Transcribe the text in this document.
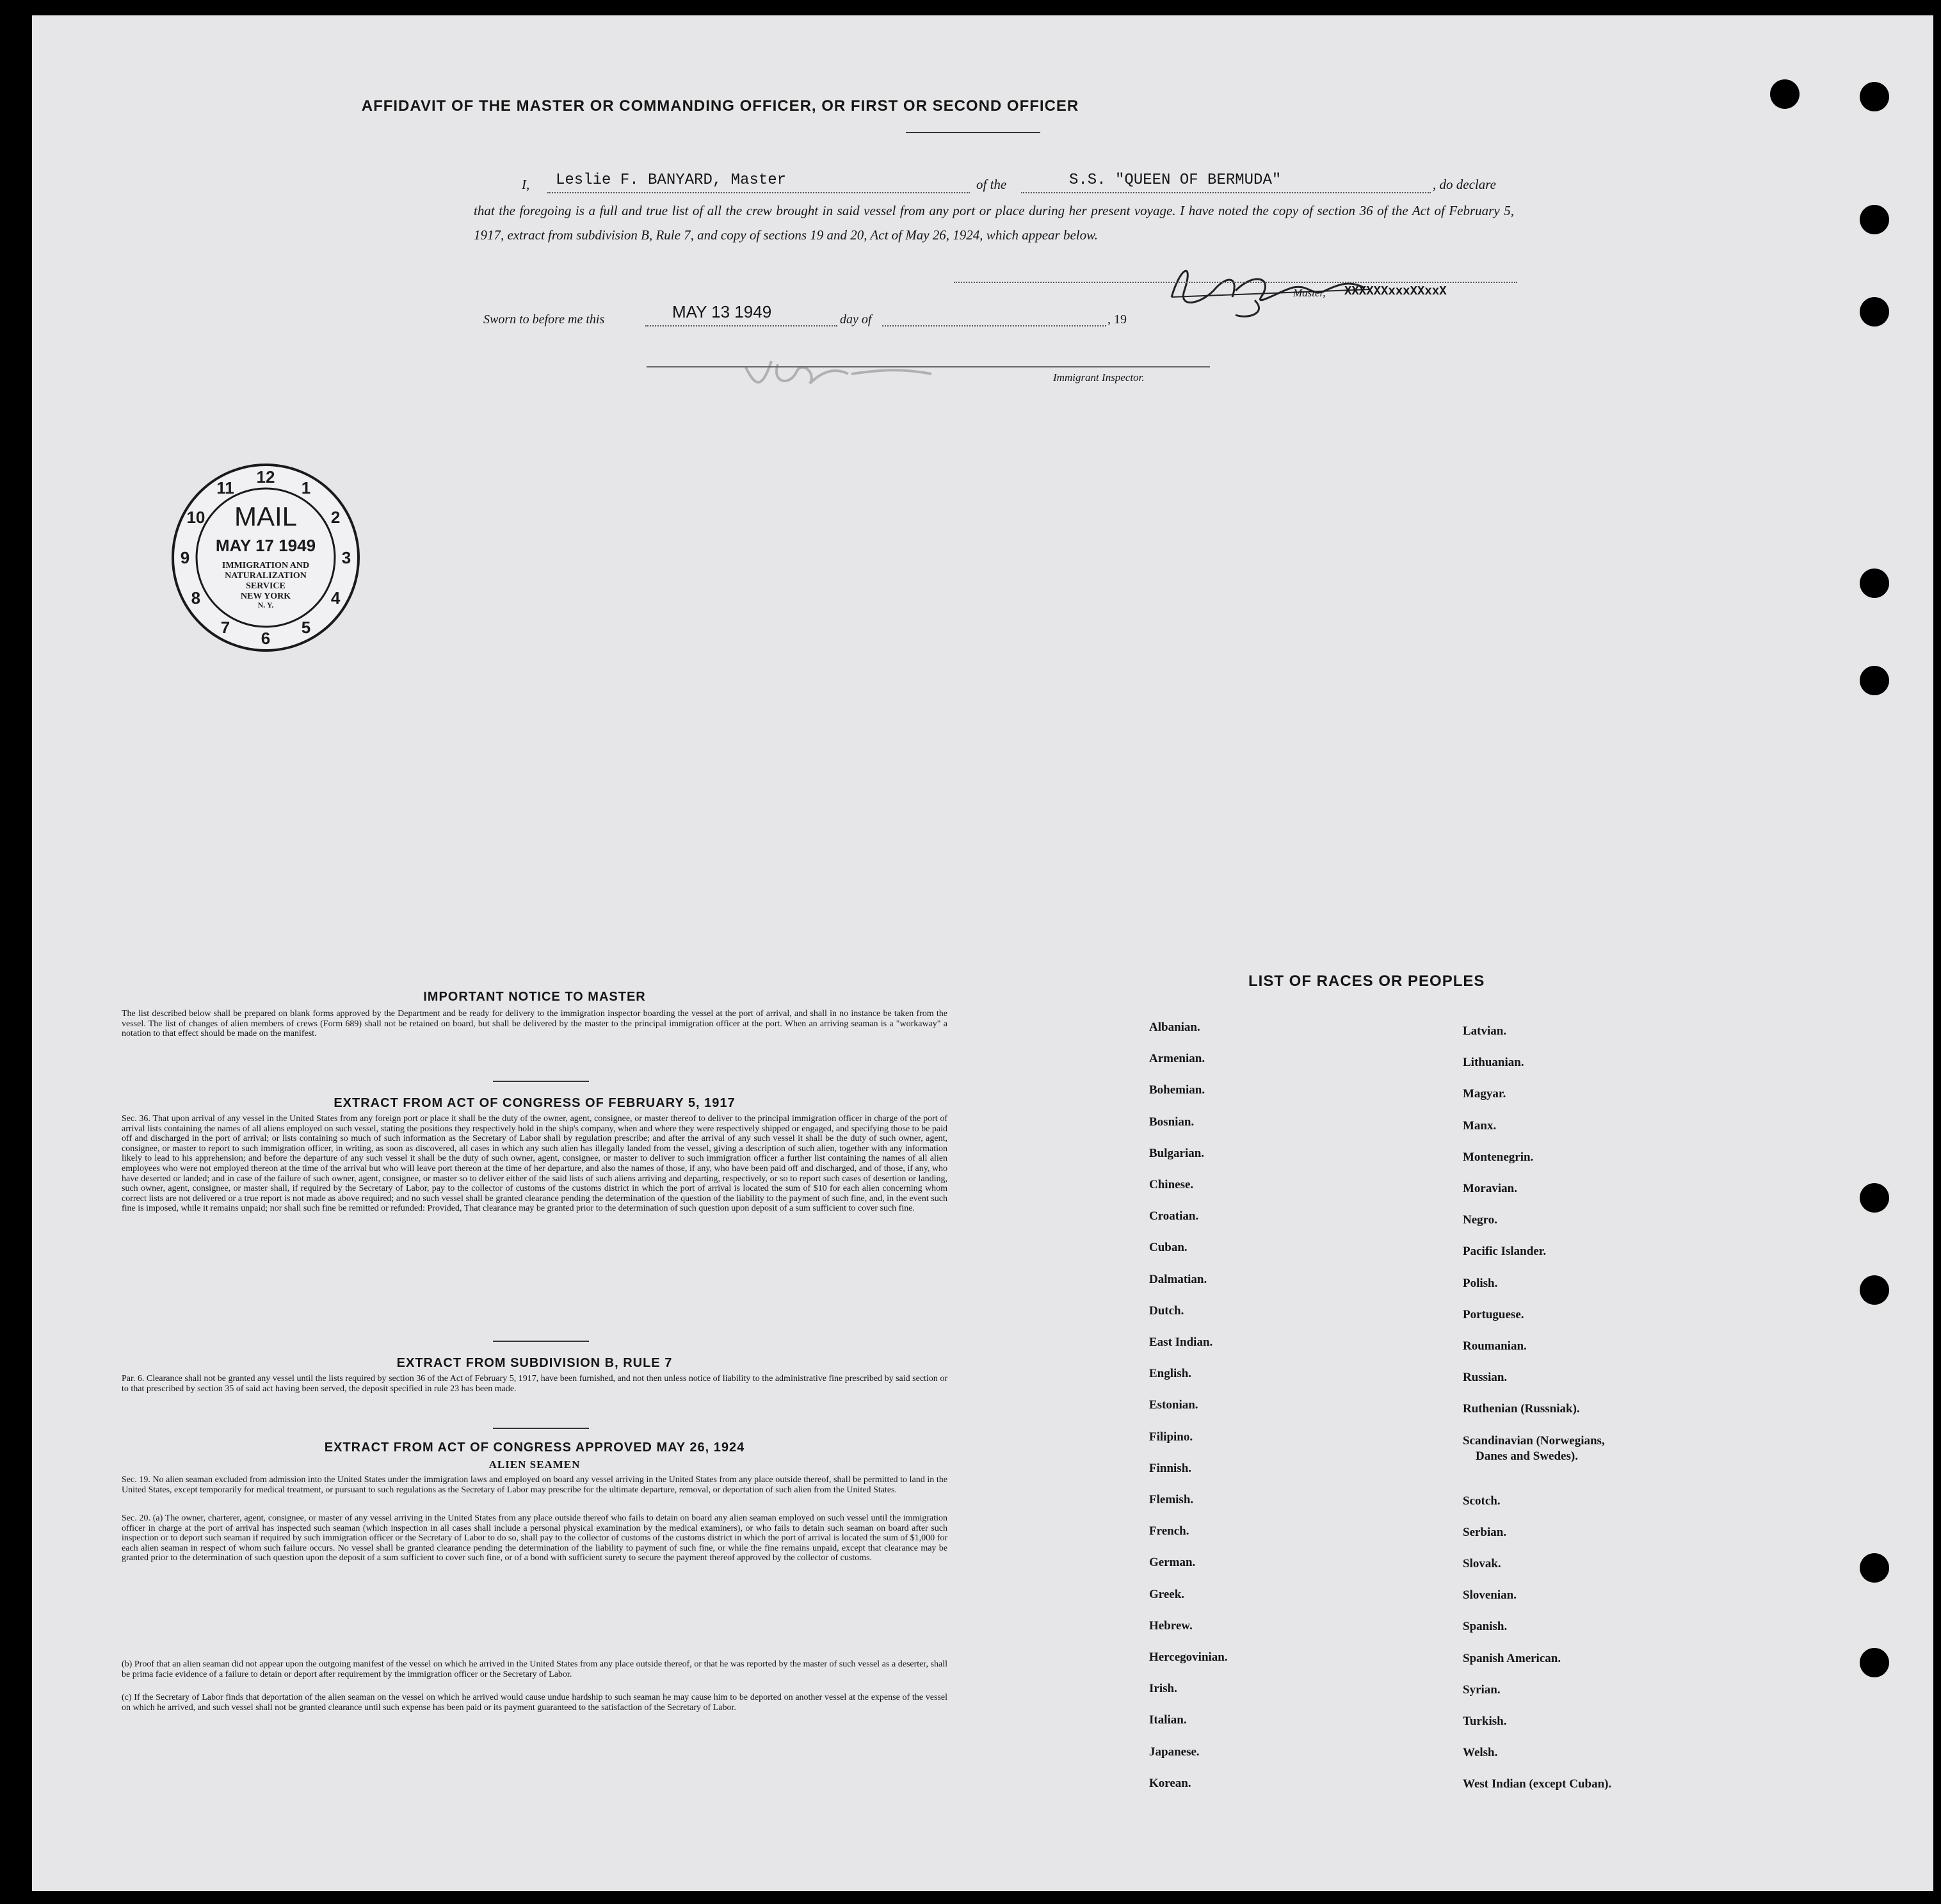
AFFIDAVIT OF THE MASTER OR COMMANDING OFFICER, OR FIRST OR SECOND OFFICER
I, Leslie F. BANYARD, Master	of the	S.S. "QUEEN OF BERMUDA"	, do declare
that the foregoing is a full and true list of all the crew brought in said vessel from any port or place during her present voyage. I have noted the copy of section 36 of the Act of February 5, 1917, extract from subdivision B, Rule 7, and copy of sections 19 and 20, Act of May 26, 1924, which appear below.
Master, XXXXXXxxxXXxxX
Sworn to before me this	MAY 13 1949	day of	, 19
Immigrant Inspector.
12
1
2
3
4
5
6
7
8
9
10
11
MAIL
MAY 17 1949
IMMIGRATION AND
NATURALIZATION
SERVICE
NEW YORK
N. Y.
IMPORTANT NOTICE TO MASTER
The list described below shall be prepared on blank forms approved by the Department and be ready for delivery to the immigration inspector boarding the vessel at the port of arrival, and shall in no instance be taken from the vessel. The list of changes of alien members of crews (Form 689) shall not be retained on board, but shall be delivered by the master to the principal immigration officer at the port. When an arriving seaman is a "workaway" a notation to that effect should be made on the manifest.
EXTRACT FROM ACT OF CONGRESS OF FEBRUARY 5, 1917
Sec. 36. That upon arrival of any vessel in the United States from any foreign port or place it shall be the duty of the owner, agent, consignee, or master thereof to deliver to the principal immigration officer in charge of the port of arrival lists containing the names of all aliens employed on such vessel, stating the positions they respectively hold in the ship's company, when and where they were respectively shipped or engaged, and specifying those to be paid off and discharged in the port of arrival; or lists containing so much of such information as the Secretary of Labor shall by regulation prescribe; and after the arrival of any such vessel it shall be the duty of such owner, agent, consignee, or master to report to such immigration officer, in writing, as soon as discovered, all cases in which any such alien has illegally landed from the vessel, giving a description of such alien, together with any information likely to lead to his apprehension; and before the departure of any such vessel it shall be the duty of such owner, agent, consignee, or master to deliver to such immigration officer a further list containing the names of all alien employees who were not employed thereon at the time of the arrival but who will leave port thereon at the time of her departure, and also the names of those, if any, who have been paid off and discharged, and of those, if any, who have deserted or landed; and in case of the failure of such owner, agent, consignee, or master so to deliver either of the said lists of such aliens arriving and departing, respectively, or so to report such cases of desertion or landing, such owner, agent, consignee, or master shall, if required by the Secretary of Labor, pay to the collector of customs of the customs district in which the port of arrival is located the sum of $10 for each alien concerning whom correct lists are not delivered or a true report is not made as above required; and no such vessel shall be granted clearance pending the determination of the question of the liability to the payment of such fine, and, in the event such fine is imposed, while it remains unpaid; nor shall such fine be remitted or refunded: Provided, That clearance may be granted prior to the determination of such question upon deposit of a sum sufficient to cover such fine.
EXTRACT FROM SUBDIVISION B, RULE 7
Par. 6. Clearance shall not be granted any vessel until the lists required by section 36 of the Act of February 5, 1917, have been furnished, and not then unless notice of liability to the administrative fine prescribed by said section or to that prescribed by section 35 of said act having been served, the deposit specified in rule 23 has been made.
EXTRACT FROM ACT OF CONGRESS APPROVED MAY 26, 1924
ALIEN SEAMEN
Sec. 19. No alien seaman excluded from admission into the United States under the immigration laws and employed on board any vessel arriving in the United States from any place outside thereof, shall be permitted to land in the United States, except temporarily for medical treatment, or pursuant to such regulations as the Secretary of Labor may prescribe for the ultimate departure, removal, or deportation of such alien from the United States.
Sec. 20. (a) The owner, charterer, agent, consignee, or master of any vessel arriving in the United States from any place outside thereof who fails to detain on board any alien seaman employed on such vessel until the immigration officer in charge at the port of arrival has inspected such seaman (which inspection in all cases shall include a personal physical examination by the medical examiners), or who fails to detain such seaman on board after such inspection or to deport such seaman if required by such immigration officer or the Secretary of Labor to do so, shall pay to the collector of customs of the customs district in which the port of arrival is located the sum of $1,000 for each alien seaman in respect of whom such failure occurs. No vessel shall be granted clearance pending the determination of the liability to payment of such fine, or while the fine remains unpaid, except that clearance may be granted prior to the determination of such question upon the deposit of a sum sufficient to cover such fine, or of a bond with sufficient surety to secure the payment thereof approved by the collector of customs.
(b) Proof that an alien seaman did not appear upon the outgoing manifest of the vessel on which he arrived in the United States from any place outside thereof, or that he was reported by the master of such vessel as a deserter, shall be prima facie evidence of a failure to detain or deport after requirement by the immigration officer or the Secretary of Labor.
(c) If the Secretary of Labor finds that deportation of the alien seaman on the vessel on which he arrived would cause undue hardship to such seaman he may cause him to be deported on another vessel at the expense of the vessel on which he arrived, and such vessel shall not be granted clearance until such expense has been paid or its payment guaranteed to the satisfaction of the Secretary of Labor.
LIST OF RACES OR PEOPLES
Albanian.
Armenian.
Bohemian.
Bosnian.
Bulgarian.
Chinese.
Croatian.
Cuban.
Dalmatian.
Dutch.
East Indian.
English.
Estonian.
Filipino.
Finnish.
Flemish.
French.
German.
Greek.
Hebrew.
Hercegovinian.
Irish.
Italian.
Japanese.
Korean.
Latvian.
Lithuanian.
Magyar.
Manx.
Montenegrin.
Moravian.
Negro.
Pacific Islander.
Polish.
Portuguese.
Roumanian.
Russian.
Ruthenian (Russniak).
Scandinavian (Norwegians,
Danes and Swedes).
Scotch.
Serbian.
Slovak.
Slovenian.
Spanish.
Spanish American.
Syrian.
Turkish.
Welsh.
West Indian (except Cuban).
